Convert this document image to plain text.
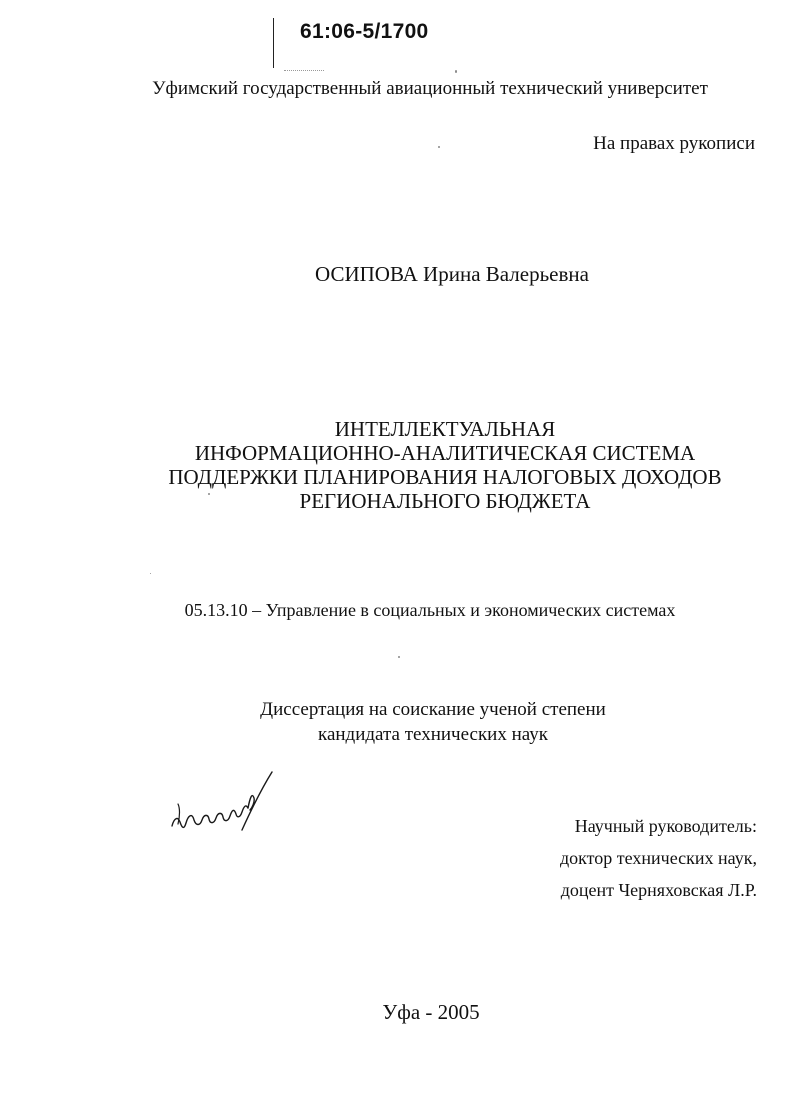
61:06-5/1700
Уфимский государственный авиационный технический университет
На правах рукописи
ОСИПОВА Ирина Валерьевна
ИНТЕЛЛЕКТУАЛЬНАЯ
ИНФОРМАЦИОННО-АНАЛИТИЧЕСКАЯ СИСТЕМА
ПОДДЕРЖКИ ПЛАНИРОВАНИЯ НАЛОГОВЫХ ДОХОДОВ
РЕГИОНАЛЬНОГО БЮДЖЕТА
05.13.10 – Управление в социальных и экономических системах
Диссертация на соискание ученой степени
кандидата технических наук
Научный руководитель:
доктор технических наук,
доцент Черняховская Л.Р.
Уфа - 2005
